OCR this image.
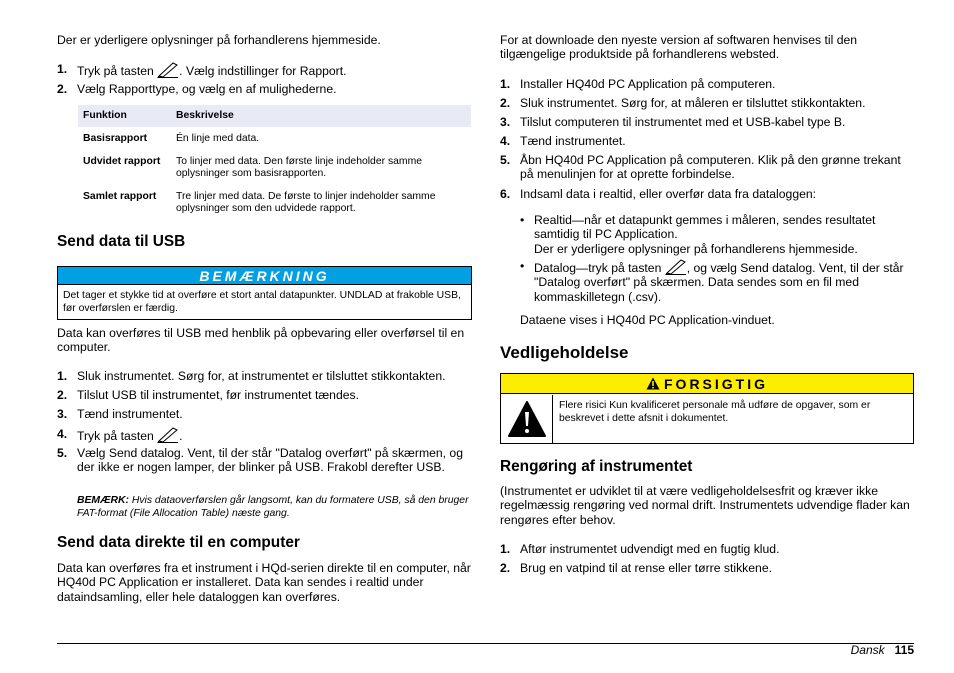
Der er yderligere oplysninger på forhandlerens hjemmeside.
1. Tryk på tasten . Vælg indstillinger for Rapport.
2. Vælg Rapporttype, og vælg en af mulighederne.
Funktion	Beskrivelse
Basisrapport	Én linje med data.
Udvidet rapport	To linjer med data. Den første linje indeholder samme oplysninger som basisrapporten.
Samlet rapport	Tre linjer med data. De første to linjer indeholder samme oplysninger som den udvidede rapport.
Send data til USB
BEMÆRKNING
Det tager et stykke tid at overføre et stort antal datapunkter. UNDLAD at frakoble USB, før overførslen er færdig.
Data kan overføres til USB med henblik på opbevaring eller overførsel til en computer.
1. Sluk instrumentet. Sørg for, at instrumentet er tilsluttet stikkontakten.
2. Tilslut USB til instrumentet, før instrumentet tændes.
3. Tænd instrumentet.
4. Tryk på tasten .
5. Vælg Send datalog. Vent, til der står "Datalog overført" på skærmen, og der ikke er nogen lamper, der blinker på USB. Frakobl derefter USB.
BEMÆRK: Hvis dataoverførslen går langsomt, kan du formatere USB, så den bruger FAT-format (File Allocation Table) næste gang.
Send data direkte til en computer
Data kan overføres fra et instrument i HQd-serien direkte til en computer, når HQ40d PC Application er installeret. Data kan sendes i realtid under dataindsamling, eller hele dataloggen kan overføres.
For at downloade den nyeste version af softwaren henvises til den tilgængelige produktside på forhandlerens websted.
1. Installer HQ40d PC Application på computeren.
2. Sluk instrumentet. Sørg for, at måleren er tilsluttet stikkontakten.
3. Tilslut computeren til instrumentet med et USB-kabel type B.
4. Tænd instrumentet.
5. Åbn HQ40d PC Application på computeren. Klik på den grønne trekant på menulinjen for at oprette forbindelse.
6. Indsaml data i realtid, eller overfør data fra dataloggen:
• Realtid—når et datapunkt gemmes i måleren, sendes resultatet samtidig til PC Application.
Der er yderligere oplysninger på forhandlerens hjemmeside.
• Datalog—tryk på tasten , og vælg Send datalog. Vent, til der står "Datalog overført" på skærmen. Data sendes som en fil med kommaskilletegn (.csv).
Dataene vises i HQ40d PC Application-vinduet.
Vedligeholdelse
FORSIGTIG
Flere risici Kun kvalificeret personale må udføre de opgaver, som er beskrevet i dette afsnit i dokumentet.
Rengøring af instrumentet
(Instrumentet er udviklet til at være vedligeholdelsesfrit og kræver ikke regelmæssig rengøring ved normal drift. Instrumentets udvendige flader kan rengøres efter behov.
1. Aftør instrumentet udvendigt med en fugtig klud.
2. Brug en vatpind til at rense eller tørre stikkene.
Dansk 115
